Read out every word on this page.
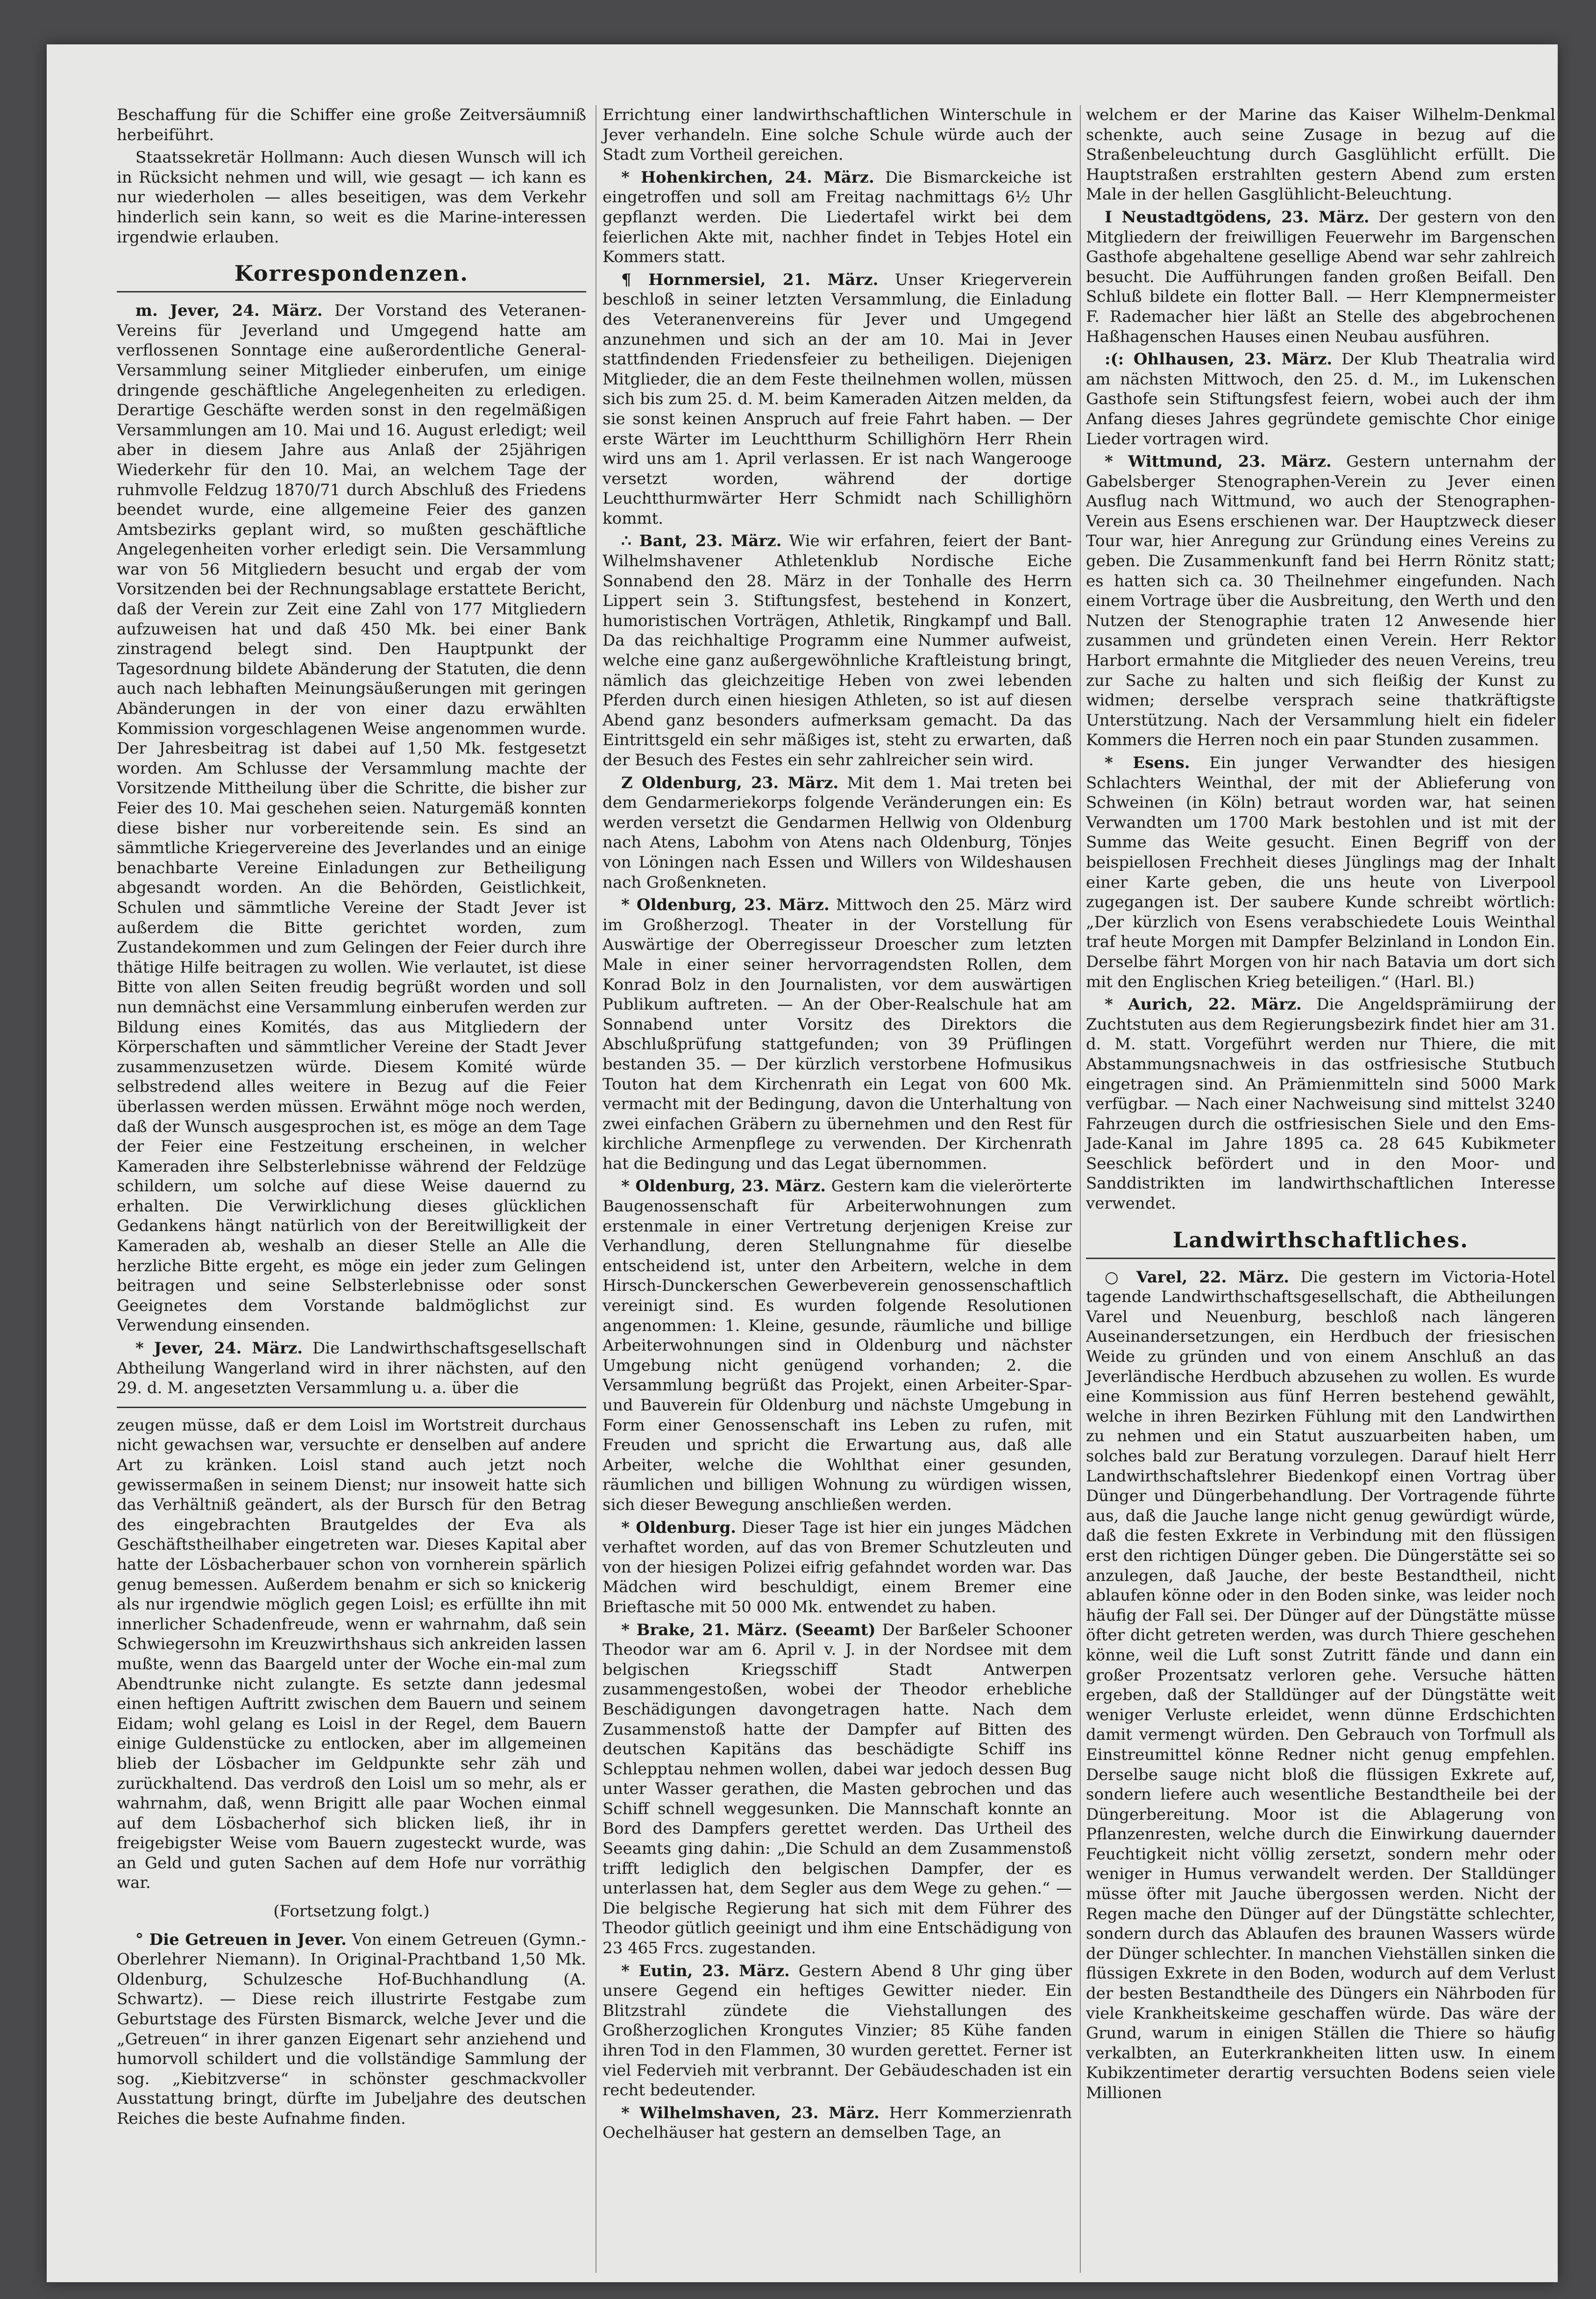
Beschaffung für die Schiffer eine große Zeitversäumniß herbeiführt.

Staatssekretär Hollmann: Auch diesen Wunsch will ich in Rücksicht nehmen und will, wie gesagt — ich kann es nur wiederholen — alles beseitigen, was dem Verkehr hinderlich sein kann, so weit es die Marine-interessen irgendwie erlauben.

Korrespondenzen.

m. Jever, 24. März. Der Vorstand des Veteranen-Vereins für Jeverland und Umgegend hatte am verflossenen Sonntage eine außerordentliche General-Versammlung seiner Mitglieder einberufen, um einige dringende geschäftliche Angelegenheiten zu erledigen. Derartige Geschäfte werden sonst in den regelmäßigen Versammlungen am 10. Mai und 16. August erledigt; weil aber in diesem Jahre aus Anlaß der 25jährigen Wiederkehr für den 10. Mai, an welchem Tage der ruhmvolle Feldzug 1870/71 durch Abschluß des Friedens beendet wurde, eine allgemeine Feier des ganzen Amtsbezirks geplant wird, so mußten geschäftliche Angelegenheiten vorher erledigt sein. Die Versammlung war von 56 Mitgliedern besucht und ergab der vom Vorsitzenden bei der Rechnungsablage erstattete Bericht, daß der Verein zur Zeit eine Zahl von 177 Mitgliedern aufzuweisen hat und daß 450 Mk. bei einer Bank zinstragend belegt sind. Den Hauptpunkt der Tagesordnung bildete Abänderung der Statuten, die denn auch nach lebhaften Meinungsäußerungen mit geringen Abänderungen in der von einer dazu erwählten Kommission vorgeschlagenen Weise angenommen wurde. Der Jahresbeitrag ist dabei auf 1,50 Mk. festgesetzt worden. Am Schlusse der Versammlung machte der Vorsitzende Mittheilung über die Schritte, die bisher zur Feier des 10. Mai geschehen seien. Naturgemäß konnten diese bisher nur vorbereitende sein. Es sind an sämmtliche Kriegervereine des Jeverlandes und an einige benachbarte Vereine Einladungen zur Betheiligung abgesandt worden. An die Behörden, Geistlichkeit, Schulen und sämmtliche Vereine der Stadt Jever ist außerdem die Bitte gerichtet worden, zum Zustandekommen und zum Gelingen der Feier durch ihre thätige Hilfe beitragen zu wollen. Wie verlautet, ist diese Bitte von allen Seiten freudig begrüßt worden und soll nun demnächst eine Versammlung einberufen werden zur Bildung eines Komités, das aus Mitgliedern der Körperschaften und sämmtlicher Vereine der Stadt Jever zusammenzusetzen würde. Diesem Komité würde selbstredend alles weitere in Bezug auf die Feier überlassen werden müssen. Erwähnt möge noch werden, daß der Wunsch ausgesprochen ist, es möge an dem Tage der Feier eine Festzeitung erscheinen, in welcher Kameraden ihre Selbsterlebnisse während der Feldzüge schildern, um solche auf diese Weise dauernd zu erhalten. Die Verwirklichung dieses glücklichen Gedankens hängt natürlich von der Bereitwilligkeit der Kameraden ab, weshalb an dieser Stelle an Alle die herzliche Bitte ergeht, es möge ein jeder zum Gelingen beitragen und seine Selbsterlebnisse oder sonst Geeignetes dem Vorstande baldmöglichst zur Verwendung einsenden.

* Jever, 24. März. Die Landwirthschaftsgesellschaft Abtheilung Wangerland wird in ihrer nächsten, auf den 29. d. M. angesetzten Versammlung u. a. über die

zeugen müsse, daß er dem Loisl im Wortstreit durchaus nicht gewachsen war, versuchte er denselben auf andere Art zu kränken. Loisl stand auch jetzt noch gewissermaßen in seinem Dienst; nur insoweit hatte sich das Verhältniß geändert, als der Bursch für den Betrag des eingebrachten Brautgeldes der Eva als Geschäftstheilhaber eingetreten war. Dieses Kapital aber hatte der Lösbacherbauer schon von vornherein spärlich genug bemessen. Außerdem benahm er sich so knickerig als nur irgendwie möglich gegen Loisl; es erfüllte ihn mit innerlicher Schadenfreude, wenn er wahrnahm, daß sein Schwiegersohn im Kreuzwirthshaus sich ankreiden lassen mußte, wenn das Baargeld unter der Woche ein-mal zum Abendtrunke nicht zulangte. Es setzte dann jedesmal einen heftigen Auftritt zwischen dem Bauern und seinem Eidam; wohl gelang es Loisl in der Regel, dem Bauern einige Guldenstücke zu entlocken, aber im allgemeinen blieb der Lösbacher im Geldpunkte sehr zäh und zurückhaltend. Das verdroß den Loisl um so mehr, als er wahrnahm, daß, wenn Brigitt alle paar Wochen einmal auf dem Lösbacherhof sich blicken ließ, ihr in freigebigster Weise vom Bauern zugesteckt wurde, was an Geld und guten Sachen auf dem Hofe nur vorräthig war.

(Fortsetzung folgt.)

° Die Getreuen in Jever. Von einem Getreuen (Gymn.-Oberlehrer Niemann). In Original-Prachtband 1,50 Mk. Oldenburg, Schulzesche Hof-Buchhandlung (A. Schwartz). — Diese reich illustrirte Festgabe zum Geburtstage des Fürsten Bismarck, welche Jever und die „Getreuen“ in ihrer ganzen Eigenart sehr anziehend und humorvoll schildert und die vollständige Sammlung der sog. „Kiebitzverse“ in schönster geschmackvoller Ausstattung bringt, dürfte im Jubeljahre des deutschen Reiches die beste Aufnahme finden.

Errichtung einer landwirthschaftlichen Winterschule in Jever verhandeln. Eine solche Schule würde auch der Stadt zum Vortheil gereichen.

* Hohenkirchen, 24. März. Die Bismarckeiche ist eingetroffen und soll am Freitag nachmittags 6½ Uhr gepflanzt werden. Die Liedertafel wirkt bei dem feierlichen Akte mit, nachher findet in Tebjes Hotel ein Kommers statt.

¶ Hornmersiel, 21. März. Unser Kriegerverein beschloß in seiner letzten Versammlung, die Einladung des Veteranenvereins für Jever und Umgegend anzunehmen und sich an der am 10. Mai in Jever stattfindenden Friedensfeier zu betheiligen. Diejenigen Mitglieder, die an dem Feste theilnehmen wollen, müssen sich bis zum 25. d. M. beim Kameraden Aitzen melden, da sie sonst keinen Anspruch auf freie Fahrt haben. — Der erste Wärter im Leuchtthurm Schillighörn Herr Rhein wird uns am 1. April verlassen. Er ist nach Wangerooge versetzt worden, während der dortige Leuchtthurmwärter Herr Schmidt nach Schillighörn kommt.

∴ Bant, 23. März. Wie wir erfahren, feiert der Bant-Wilhelmshavener Athletenklub Nordische Eiche Sonnabend den 28. März in der Tonhalle des Herrn Lippert sein 3. Stiftungsfest, bestehend in Konzert, humoristischen Vorträgen, Athletik, Ringkampf und Ball. Da das reichhaltige Programm eine Nummer aufweist, welche eine ganz außergewöhnliche Kraftleistung bringt, nämlich das gleichzeitige Heben von zwei lebenden Pferden durch einen hiesigen Athleten, so ist auf diesen Abend ganz besonders aufmerksam gemacht. Da das Eintrittsgeld ein sehr mäßiges ist, steht zu erwarten, daß der Besuch des Festes ein sehr zahlreicher sein wird.

Z Oldenburg, 23. März. Mit dem 1. Mai treten bei dem Gendarmeriekorps folgende Veränderungen ein: Es werden versetzt die Gendarmen Hellwig von Oldenburg nach Atens, Labohm von Atens nach Oldenburg, Tönjes von Löningen nach Essen und Willers von Wildeshausen nach Großenkneten.

* Oldenburg, 23. März. Mittwoch den 25. März wird im Großherzogl. Theater in der Vorstellung für Auswärtige der Oberregisseur Droescher zum letzten Male in einer seiner hervorragendsten Rollen, dem Konrad Bolz in den Journalisten, vor dem auswärtigen Publikum auftreten. — An der Ober-Realschule hat am Sonnabend unter Vorsitz des Direktors die Abschlußprüfung stattgefunden; von 39 Prüflingen bestanden 35. — Der kürzlich verstorbene Hofmusikus Touton hat dem Kirchenrath ein Legat von 600 Mk. vermacht mit der Bedingung, davon die Unterhaltung von zwei einfachen Gräbern zu übernehmen und den Rest für kirchliche Armenpflege zu verwenden. Der Kirchenrath hat die Bedingung und das Legat übernommen.

* Oldenburg, 23. März. Gestern kam die vielerörterte Baugenossenschaft für Arbeiterwohnungen zum erstenmale in einer Vertretung derjenigen Kreise zur Verhandlung, deren Stellungnahme für dieselbe entscheidend ist, unter den Arbeitern, welche in dem Hirsch-Dunckerschen Gewerbeverein genossenschaftlich vereinigt sind. Es wurden folgende Resolutionen angenommen: 1. Kleine, gesunde, räumliche und billige Arbeiterwohnungen sind in Oldenburg und nächster Umgebung nicht genügend vorhanden; 2. die Versammlung begrüßt das Projekt, einen Arbeiter-Spar- und Bauverein für Oldenburg und nächste Umgebung in Form einer Genossenschaft ins Leben zu rufen, mit Freuden und spricht die Erwartung aus, daß alle Arbeiter, welche die Wohlthat einer gesunden, räumlichen und billigen Wohnung zu würdigen wissen, sich dieser Bewegung anschließen werden.

* Oldenburg. Dieser Tage ist hier ein junges Mädchen verhaftet worden, auf das von Bremer Schutzleuten und von der hiesigen Polizei eifrig gefahndet worden war. Das Mädchen wird beschuldigt, einem Bremer eine Brieftasche mit 50 000 Mk. entwendet zu haben.

* Brake, 21. März. (Seeamt) Der Barßeler Schooner Theodor war am 6. April v. J. in der Nordsee mit dem belgischen Kriegsschiff Stadt Antwerpen zusammengestoßen, wobei der Theodor erhebliche Beschädigungen davongetragen hatte. Nach dem Zusammenstoß hatte der Dampfer auf Bitten des deutschen Kapitäns das beschädigte Schiff ins Schlepptau nehmen wollen, dabei war jedoch dessen Bug unter Wasser gerathen, die Masten gebrochen und das Schiff schnell weggesunken. Die Mannschaft konnte an Bord des Dampfers gerettet werden. Das Urtheil des Seeamts ging dahin: „Die Schuld an dem Zusammenstoß trifft lediglich den belgischen Dampfer, der es unterlassen hat, dem Segler aus dem Wege zu gehen.“ — Die belgische Regierung hat sich mit dem Führer des Theodor gütlich geeinigt und ihm eine Entschädigung von 23 465 Frcs. zugestanden.

* Eutin, 23. März. Gestern Abend 8 Uhr ging über unsere Gegend ein heftiges Gewitter nieder. Ein Blitzstrahl zündete die Viehstallungen des Großherzoglichen Krongutes Vinzier; 85 Kühe fanden ihren Tod in den Flammen, 30 wurden gerettet. Ferner ist viel Federvieh mit verbrannt. Der Gebäudeschaden ist ein recht bedeutender.

* Wilhelmshaven, 23. März. Herr Kommerzienrath Oechelhäuser hat gestern an demselben Tage, an

welchem er der Marine das Kaiser Wilhelm-Denkmal schenkte, auch seine Zusage in bezug auf die Straßenbeleuchtung durch Gasglühlicht erfüllt. Die Hauptstraßen erstrahlten gestern Abend zum ersten Male in der hellen Gasglühlicht-Beleuchtung.

I Neustadtgödens, 23. März. Der gestern von den Mitgliedern der freiwilligen Feuerwehr im Bargenschen Gasthofe abgehaltene gesellige Abend war sehr zahlreich besucht. Die Aufführungen fanden großen Beifall. Den Schluß bildete ein flotter Ball. — Herr Klempnermeister F. Rademacher hier läßt an Stelle des abgebrochenen Haßhagenschen Hauses einen Neubau ausführen.

:(: Ohlhausen, 23. März. Der Klub Theatralia wird am nächsten Mittwoch, den 25. d. M., im Lukenschen Gasthofe sein Stiftungsfest feiern, wobei auch der ihm Anfang dieses Jahres gegründete gemischte Chor einige Lieder vortragen wird.

* Wittmund, 23. März. Gestern unternahm der Gabelsberger Stenographen-Verein zu Jever einen Ausflug nach Wittmund, wo auch der Stenographen-Verein aus Esens erschienen war. Der Hauptzweck dieser Tour war, hier Anregung zur Gründung eines Vereins zu geben. Die Zusammenkunft fand bei Herrn Rönitz statt; es hatten sich ca. 30 Theilnehmer eingefunden. Nach einem Vortrage über die Ausbreitung, den Werth und den Nutzen der Stenographie traten 12 Anwesende hier zusammen und gründeten einen Verein. Herr Rektor Harbort ermahnte die Mitglieder des neuen Vereins, treu zur Sache zu halten und sich fleißig der Kunst zu widmen; derselbe versprach seine thatkräftigste Unterstützung. Nach der Versammlung hielt ein fideler Kommers die Herren noch ein paar Stunden zusammen.

* Esens. Ein junger Verwandter des hiesigen Schlachters Weinthal, der mit der Ablieferung von Schweinen (in Köln) betraut worden war, hat seinen Verwandten um 1700 Mark bestohlen und ist mit der Summe das Weite gesucht. Einen Begriff von der beispiellosen Frechheit dieses Jünglings mag der Inhalt einer Karte geben, die uns heute von Liverpool zugegangen ist. Der saubere Kunde schreibt wörtlich: „Der kürzlich von Esens verabschiedete Louis Weinthal traf heute Morgen mit Dampfer Belzinland in London Ein. Derselbe fährt Morgen von hir nach Batavia um dort sich mit den Englischen Krieg beteiligen.“ (Harl. Bl.)

* Aurich, 22. März. Die Angeldsprämiirung der Zuchtstuten aus dem Regierungsbezirk findet hier am 31. d. M. statt. Vorgeführt werden nur Thiere, die mit Abstammungsnachweis in das ostfriesische Stutbuch eingetragen sind. An Prämienmitteln sind 5000 Mark verfügbar. — Nach einer Nachweisung sind mittelst 3240 Fahrzeugen durch die ostfriesischen Siele und den Ems-Jade-Kanal im Jahre 1895 ca. 28 645 Kubikmeter Seeschlick befördert und in den Moor- und Sanddistrikten im landwirthschaftlichen Interesse verwendet.

Landwirthschaftliches.

○ Varel, 22. März. Die gestern im Victoria-Hotel tagende Landwirthschaftsgesellschaft, die Abtheilungen Varel und Neuenburg, beschloß nach längeren Auseinandersetzungen, ein Herdbuch der friesischen Weide zu gründen und von einem Anschluß an das Jeverländische Herdbuch abzusehen zu wollen. Es wurde eine Kommission aus fünf Herren bestehend gewählt, welche in ihren Bezirken Fühlung mit den Landwirthen zu nehmen und ein Statut auszuarbeiten haben, um solches bald zur Beratung vorzulegen. Darauf hielt Herr Landwirthschaftslehrer Biedenkopf einen Vortrag über Dünger und Düngerbehandlung. Der Vortragende führte aus, daß die Jauche lange nicht genug gewürdigt würde, daß die festen Exkrete in Verbindung mit den flüssigen erst den richtigen Dünger geben. Die Düngerstätte sei so anzulegen, daß Jauche, der beste Bestandtheil, nicht ablaufen könne oder in den Boden sinke, was leider noch häufig der Fall sei. Der Dünger auf der Düngstätte müsse öfter dicht getreten werden, was durch Thiere geschehen könne, weil die Luft sonst Zutritt fände und dann ein großer Prozentsatz verloren gehe. Versuche hätten ergeben, daß der Stalldünger auf der Düngstätte weit weniger Verluste erleidet, wenn dünne Erdschichten damit vermengt würden. Den Gebrauch von Torfmull als Einstreumittel könne Redner nicht genug empfehlen. Derselbe sauge nicht bloß die flüssigen Exkrete auf, sondern liefere auch wesentliche Bestandtheile bei der Düngerbereitung. Moor ist die Ablagerung von Pflanzenresten, welche durch die Einwirkung dauernder Feuchtigkeit nicht völlig zersetzt, sondern mehr oder weniger in Humus verwandelt werden. Der Stalldünger müsse öfter mit Jauche übergossen werden. Nicht der Regen mache den Dünger auf der Düngstätte schlechter, sondern durch das Ablaufen des braunen Wassers würde der Dünger schlechter. In manchen Viehställen sinken die flüssigen Exkrete in den Boden, wodurch auf dem Verlust der besten Bestandtheile des Düngers ein Nährboden für viele Krankheitskeime geschaffen würde. Das wäre der Grund, warum in einigen Ställen die Thiere so häufig verkalbten, an Euterkrankheiten litten usw. In einem Kubikzentimeter derartig versuchten Bodens seien viele Millionen
